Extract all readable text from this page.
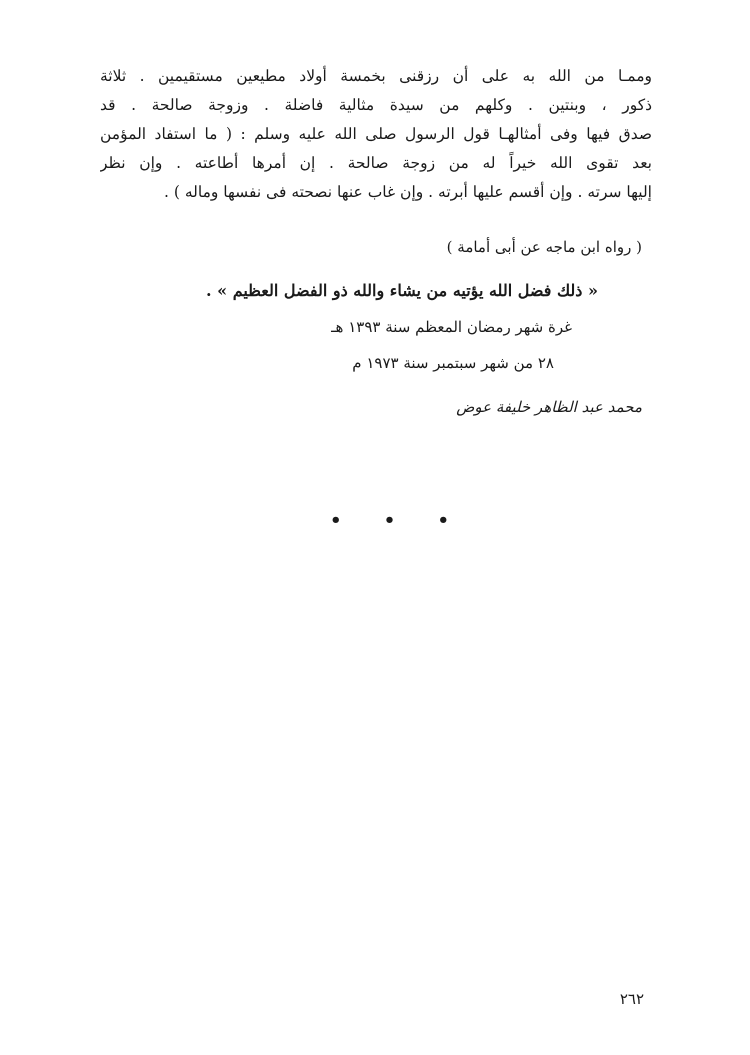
وممـا من الله به على أن رزقنى بخمسة أولاد مطيعين مستقيمين . ثلاثة
ذكور ، وبنتين . وكلهم من سيدة مثالية فاضلة . وزوجة صالحة . قد
صدق فيها وفى أمثالهـا قول الرسول صلى الله عليه وسلم : ( ما استفاد المؤمن
بعد تقوى الله خيراً له من زوجة صالحة . إن أمرها أطاعته . وإن نظر
إليها سرته . وإن أقسم عليها أبرته . وإن غاب عنها نصحته فى نفسها وماله ) .
( رواه ابن ماجه عن أبى أمامة )
« ذلك فضل الله يؤتيه من يشاء والله ذو الفضل العظيم » .
غرة شهر رمضان المعظم سنة ١٣٩٣ هـ
٢٨ من شهر سبتمبر سنة ١٩٧٣ م
محمد عبد الظاهر خليفة عوض
• • •
٢٦٢
